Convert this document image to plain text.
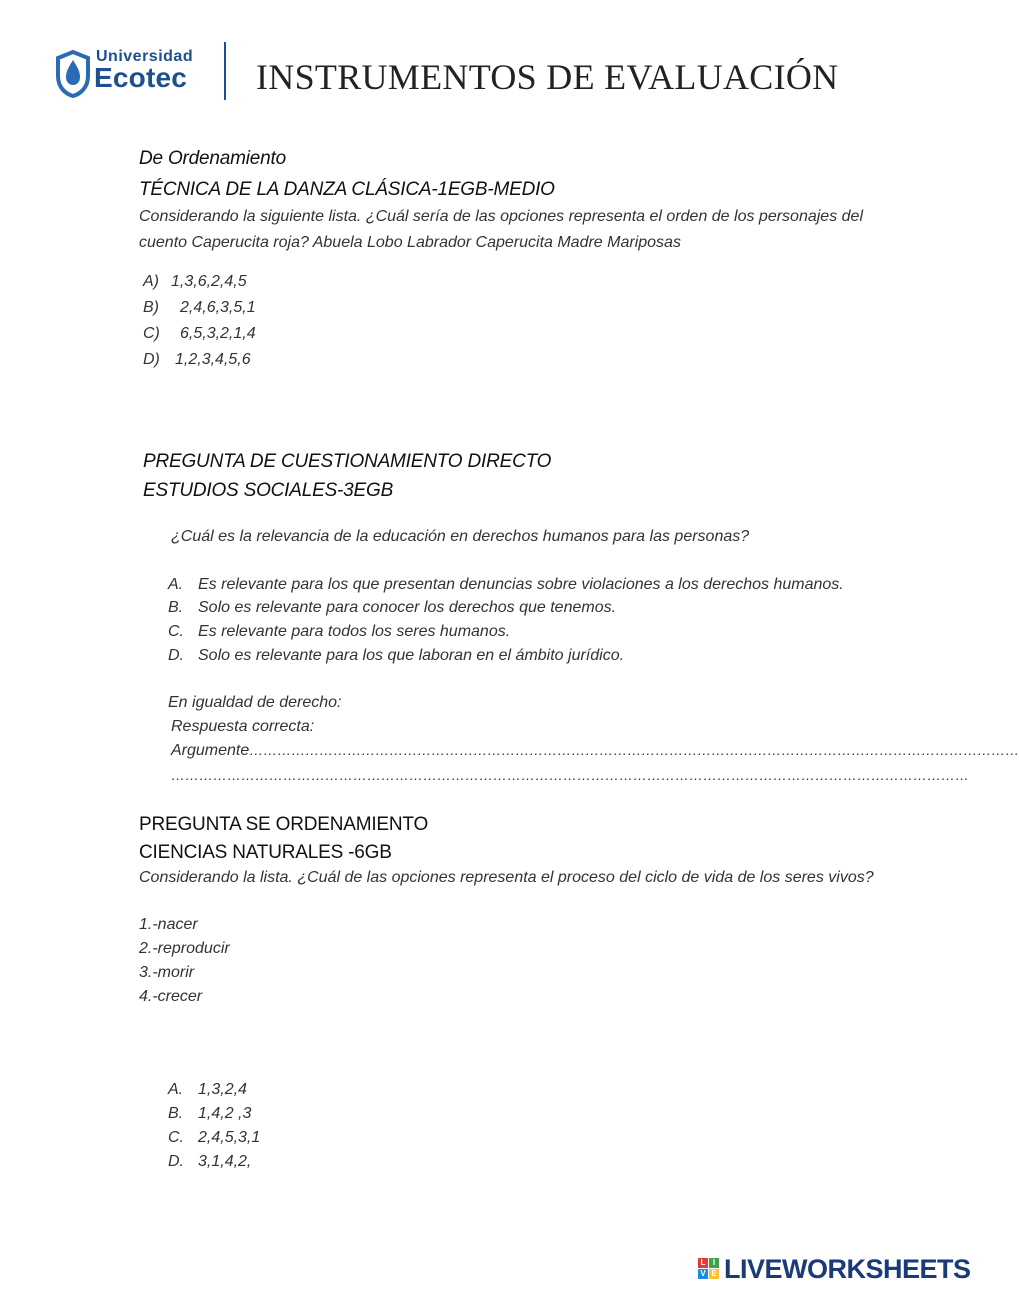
Universidad
Ecotec INSTRUMENTOS DE EVALUACIÓN
De Ordenamiento
TÉCNICA DE LA DANZA CLÁSICA-1EGB-MEDIO
Considerando la siguiente lista. ¿Cuál sería de las opciones representa el orden de los personajes del
cuento Caperucita roja? Abuela Lobo Labrador Caperucita Madre Mariposas
A) 1,3,6,2,4,5
B) 2,4,6,3,5,1
C) 6,5,3,2,1,4
D) 1,2,3,4,5,6
PREGUNTA DE CUESTIONAMIENTO DIRECTO
ESTUDIOS SOCIALES-3EGB
¿Cuál es la relevancia de la educación en derechos humanos para las personas?
A. Es relevante para los que presentan denuncias sobre violaciones a los derechos humanos.
B. Solo es relevante para conocer los derechos que tenemos.
C. Es relevante para todos los seres humanos.
D. Solo es relevante para los que laboran en el ámbito jurídico.
En igualdad de derecho:
Respuesta correcta:
Argumente…………………………………………………………………………………………………………………………………………………
………………………………………………………………………………………………………………………………………………………
PREGUNTA SE ORDENAMIENTO
CIENCIAS NATURALES -6GB
Considerando la lista. ¿Cuál de las opciones representa el proceso del ciclo de vida de los seres vivos?
1.-nacer
2.-reproducir
3.-morir
4.-crecer
A. 1,3,2,4
B. 1,4,2 ,3
C. 2,4,5,3,1
D. 3,1,4,2,
L I
V E LIVEWORKSHEETS
